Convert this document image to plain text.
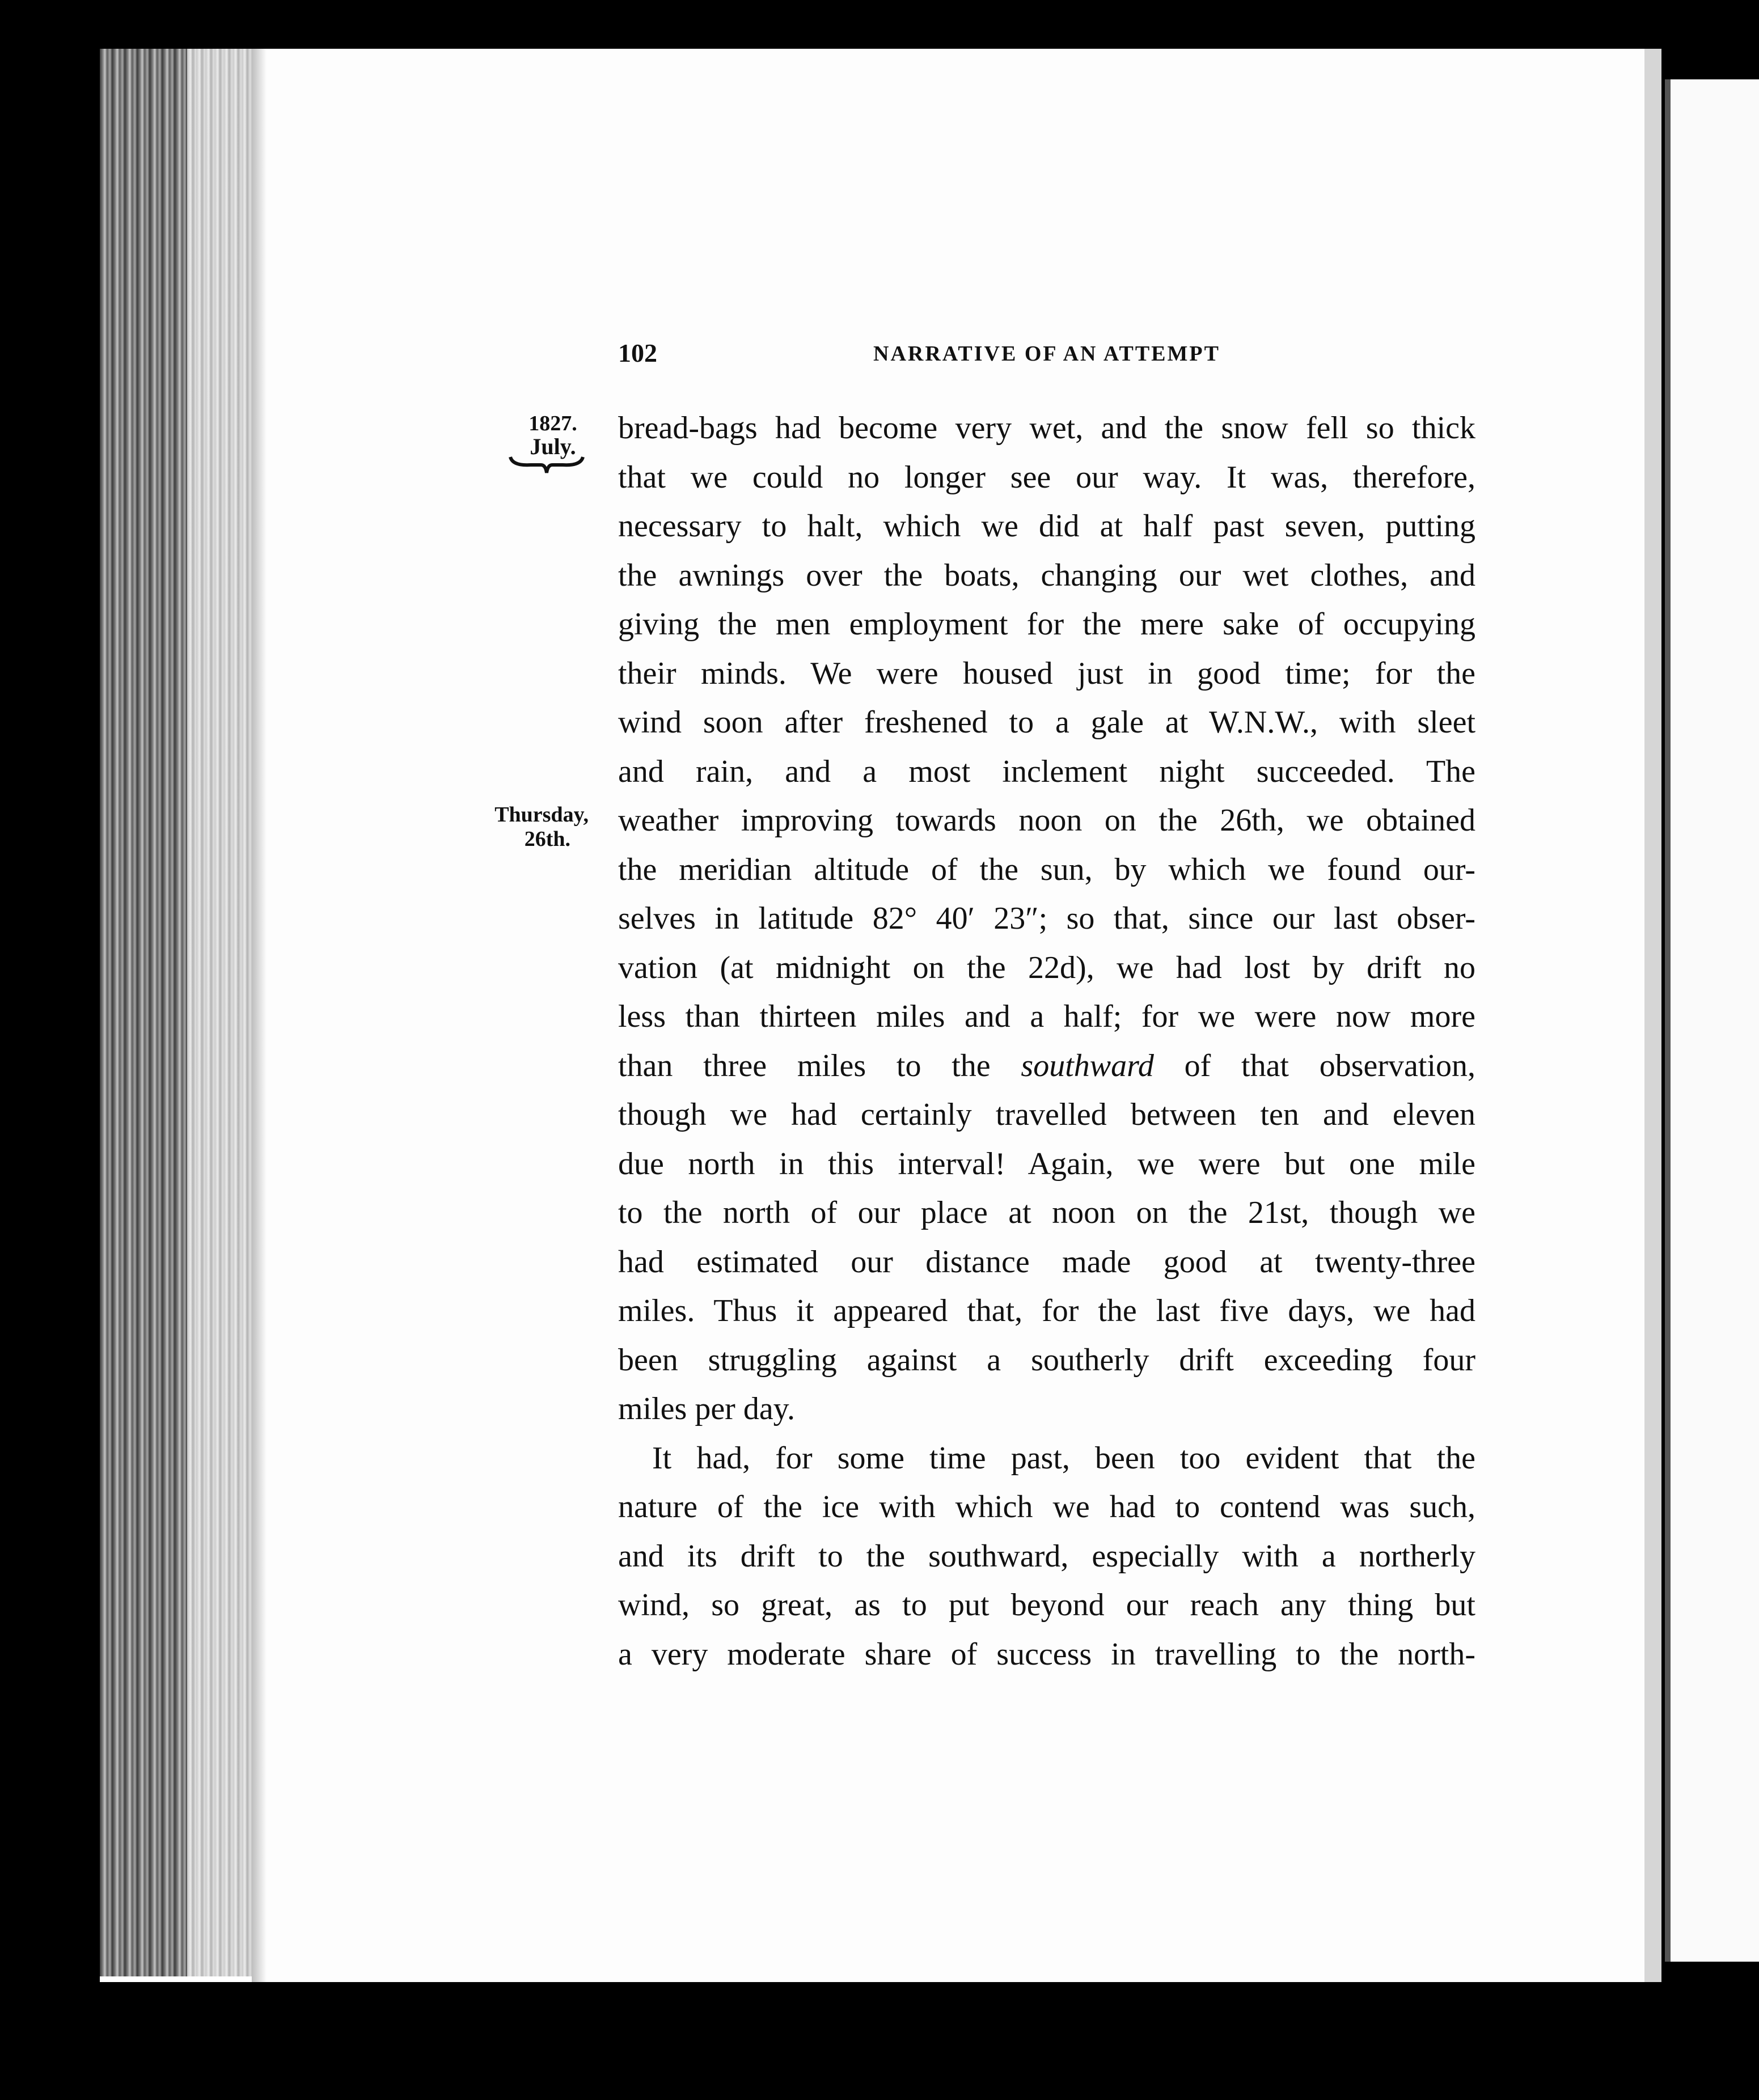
102	NARRATIVE OF AN ATTEMPT
1827.
July.
Thursday,
26th.
bread-bags had become very wet, and the snow fell so thick
that we could no longer see our way. It was, therefore,
necessary to halt, which we did at half past seven, putting
the awnings over the boats, changing our wet clothes, and
giving the men employment for the mere sake of occupying
their minds. We were housed just in good time; for the
wind soon after freshened to a gale at W.N.W., with sleet
and rain, and a most inclement night succeeded. The
weather improving towards noon on the 26th, we obtained
the meridian altitude of the sun, by which we found our-
selves in latitude 82° 40′ 23″; so that, since our last obser-
vation (at midnight on the 22d), we had lost by drift no
less than thirteen miles and a half; for we were now more
than three miles to the southward of that observation,
though we had certainly travelled between ten and eleven
due north in this interval! Again, we were but one mile
to the north of our place at noon on the 21st, though we
had estimated our distance made good at twenty-three
miles. Thus it appeared that, for the last five days, we had
been struggling against a southerly drift exceeding four
miles per day.
It had, for some time past, been too evident that the
nature of the ice with which we had to contend was such,
and its drift to the southward, especially with a northerly
wind, so great, as to put beyond our reach any thing but
a very moderate share of success in travelling to the north-
